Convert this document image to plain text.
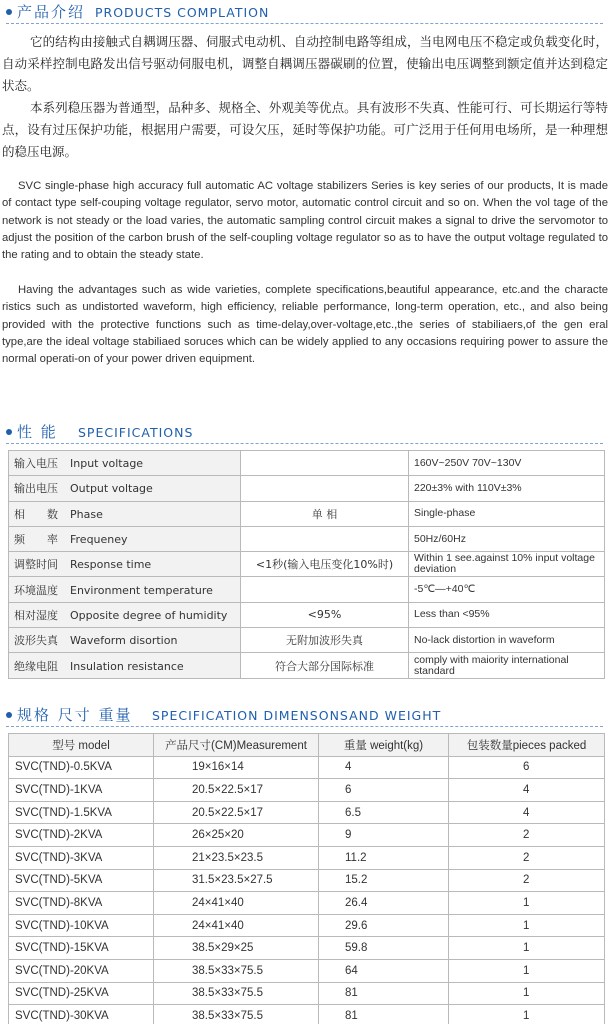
产品介绍 PRODUCTS COMPLATION

它的结构由接触式自耦调压器、伺服式电动机、自动控制电路等组成，当电网电压不稳定或负载变化时，自动采样控制电路发出信号驱动伺服电机，调整自耦调压器碳刷的位置，使输出电压调整到额定值并达到稳定状态。

本系列稳压器为普通型，品种多、规格全、外观美等优点。具有波形不失真、性能可行、可长期运行等特点，设有过压保护功能，根据用户需要，可设欠压，延时等保护功能。可广泛用于任何用电场所，是一种理想的稳压电源。

SVC single-phase high accuracy full automatic AC voltage stabilizers Series is key series of our products, It is made of contact type self-couping voltage regulator, servo motor, automatic control circuit and so on. When the vol tage of the network is not steady or the load varies, the automatic sampling control circuit makes a signal to drive the servomotor to adjust the position of the carbon brush of the self-coupling voltage regulator so as to have the output voltage regulated to the rating and to obtain the steady state.

Having the advantages such as wide varieties, complete specifications,beautiful appearance, etc.and the characte ristics such as undistorted waveform, high efficiency, reliable performance, long-term operation, etc., and also being provided with the protective functions such as time-delay,over-voltage,etc.,the series of stabiliaers,of the gen eral type,are the ideal voltage stabiliaed soruces which can be widely applied to any occasions requiring power to assure the normal operati-on of your power driven equipment.

性 能 SPECIFICATIONS
输入电压 Input voltage		160V~250V 70V~130V
输出电压 Output voltage		220±3% with 110V±3%
相　　数 Phase	单 相	Single-phase
频　　率 Frequeney		50Hz/60Hz
调整时间 Response time	<1秒(输入电压变化10%时)	Within 1 see.against 10% input voltage deviation
环境温度 Environment temperature		-5℃—+40℃
相对湿度 Opposite degree of humidity	<95%	Less than <95%
波形失真 Waveform disortion	无附加波形失真	No-lack distortion in waveform
绝缘电阻 Insulation resistance	符合大部分国际标准	comply with maiority international standard
规格 尺寸 重量 SPECIFICATION DIMENSONSAND WEIGHT
型号 model	产品尺寸(CM)Measurement	重量 weight(kg)	包装数量pieces packed
SVC(TND)-0.5KVA	19×16×14	4	6
SVC(TND)-1KVA	20.5×22.5×17	6	4
SVC(TND)-1.5KVA	20.5×22.5×17	6.5	4
SVC(TND)-2KVA	26×25×20	9	2
SVC(TND)-3KVA	21×23.5×23.5	11.2	2
SVC(TND)-5KVA	31.5×23.5×27.5	15.2	2
SVC(TND)-8KVA	24×41×40	26.4	1
SVC(TND)-10KVA	24×41×40	29.6	1
SVC(TND)-15KVA	38.5×29×25	59.8	1
SVC(TND)-20KVA	38.5×33×75.5	64	1
SVC(TND)-25KVA	38.5×33×75.5	81	1
SVC(TND)-30KVA	38.5×33×75.5	81	1
